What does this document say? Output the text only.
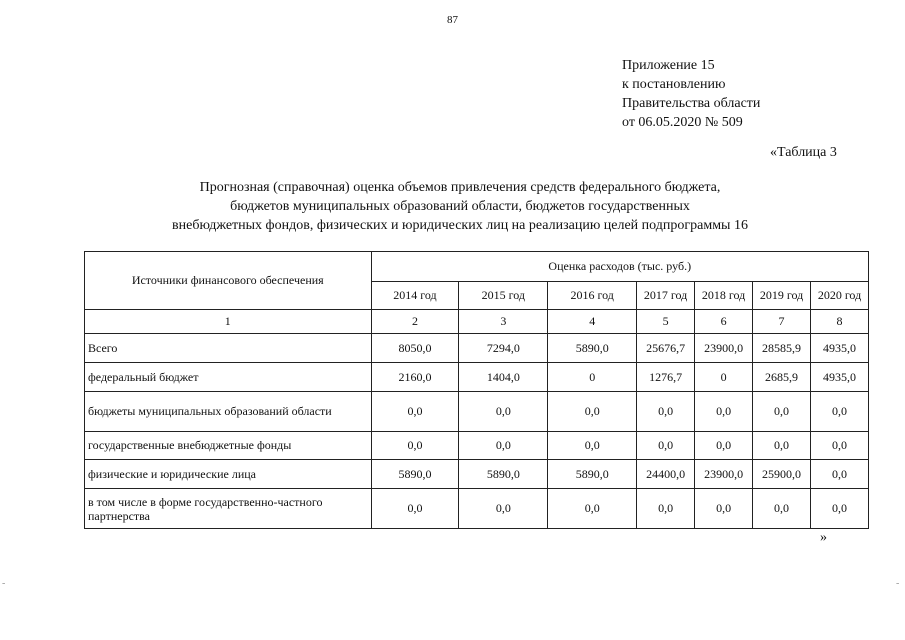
87
Приложение 15
к постановлению
Правительства области
от 06.05.2020 № 509
«Таблица 3
Прогнозная (справочная) оценка объемов привлечения средств федерального бюджета,
бюджетов муниципальных образований области, бюджетов государственных
внебюджетных фондов, физических и юридических лиц на реализацию целей подпрограммы 16
Источники финансового обеспечения	Оценка расходов (тыс. руб.)						
	2014 год	2015 год	2016 год	2017 год	2018 год	2019 год	2020 год
1	2	3	4	5	6	7	8
Всего	8050,0	7294,0	5890,0	25676,7	23900,0	28585,9	4935,0
федеральный бюджет	2160,0	1404,0	0	1276,7	0	2685,9	4935,0
бюджеты муниципальных образований области	0,0	0,0	0,0	0,0	0,0	0,0	0,0
государственные внебюджетные фонды	0,0	0,0	0,0	0,0	0,0	0,0	0,0
физические и юридические лица	5890,0	5890,0	5890,0	24400,0	23900,0	25900,0	0,0
в том числе в форме государственно-частного партнерства	0,0	0,0	0,0	0,0	0,0	0,0	0,0
»
-	-
